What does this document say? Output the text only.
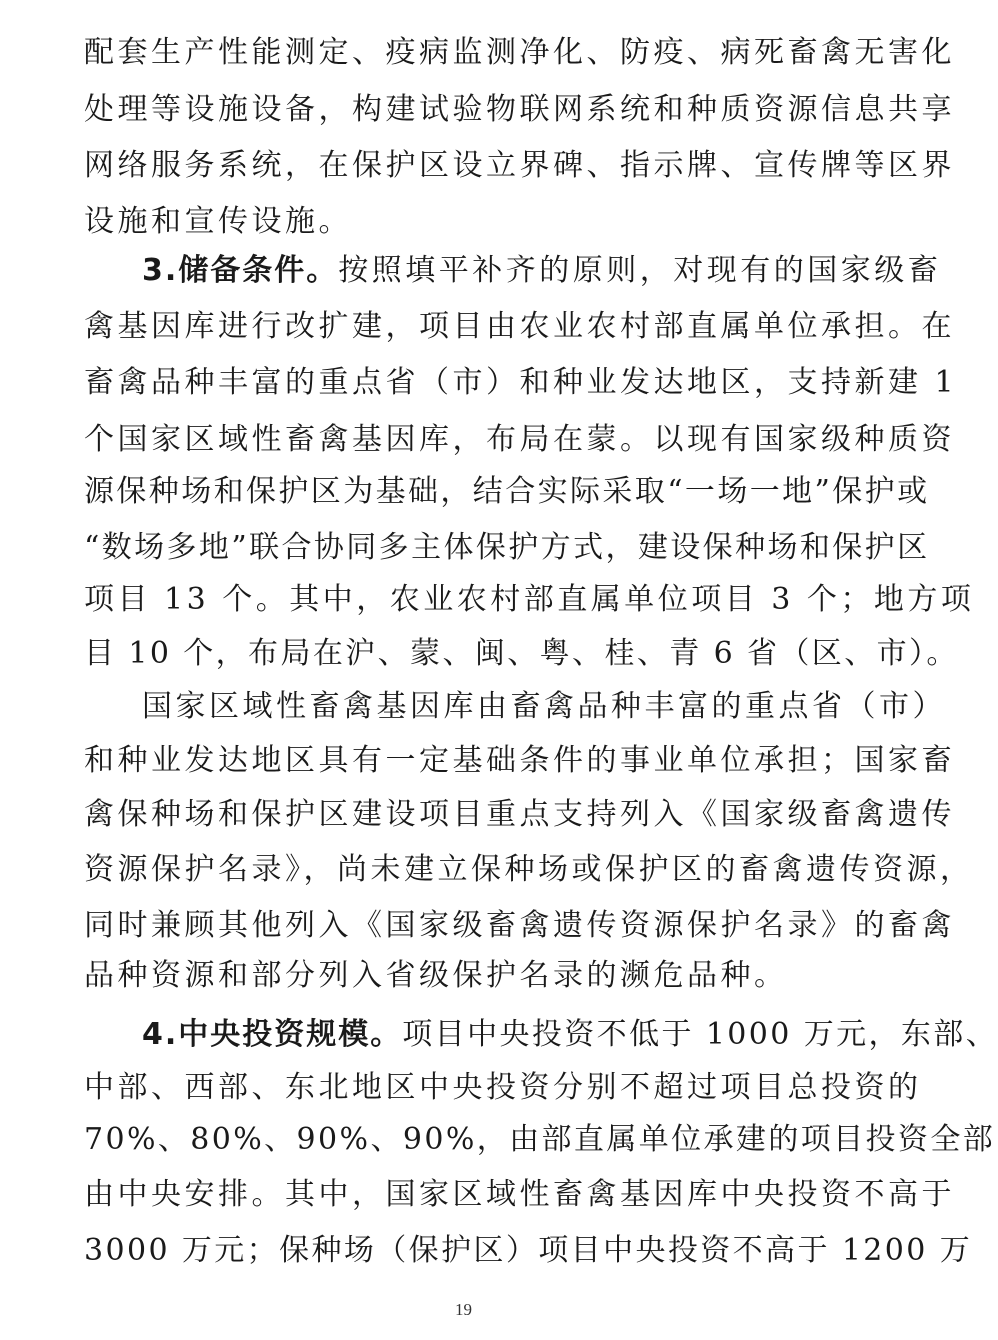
配套生产性能测定、疫病监测净化、防疫、病死畜禽无害化
处理等设施设备，构建试验物联网系统和种质资源信息共享
网络服务系统，在保护区设立界碑、指示牌、宣传牌等区界
设施和宣传设施。
3.储备条件。按照填平补齐的原则，对现有的国家级畜
禽基因库进行改扩建，项目由农业农村部直属单位承担。在
畜禽品种丰富的重点省（市）和种业发达地区，支持新建 1
个国家区域性畜禽基因库，布局在蒙。以现有国家级种质资
源保种场和保护区为基础，结合实际采取“一场一地”保护或
“数场多地”联合协同多主体保护方式，建设保种场和保护区
项目 13 个。其中，农业农村部直属单位项目 3 个；地方项
目 10 个，布局在沪、蒙、闽、粤、桂、青 6 省（区、市）。
国家区域性畜禽基因库由畜禽品种丰富的重点省（市）
和种业发达地区具有一定基础条件的事业单位承担；国家畜
禽保种场和保护区建设项目重点支持列入《国家级畜禽遗传
资源保护名录》，尚未建立保种场或保护区的畜禽遗传资源，
同时兼顾其他列入《国家级畜禽遗传资源保护名录》的畜禽
品种资源和部分列入省级保护名录的濒危品种。
4.中央投资规模。项目中央投资不低于 1000 万元，东部、
中部、西部、东北地区中央投资分别不超过项目总投资的
70%、80%、90%、90%，由部直属单位承建的项目投资全部
由中央安排。其中，国家区域性畜禽基因库中央投资不高于
3000 万元；保种场（保护区）项目中央投资不高于 1200 万
19
